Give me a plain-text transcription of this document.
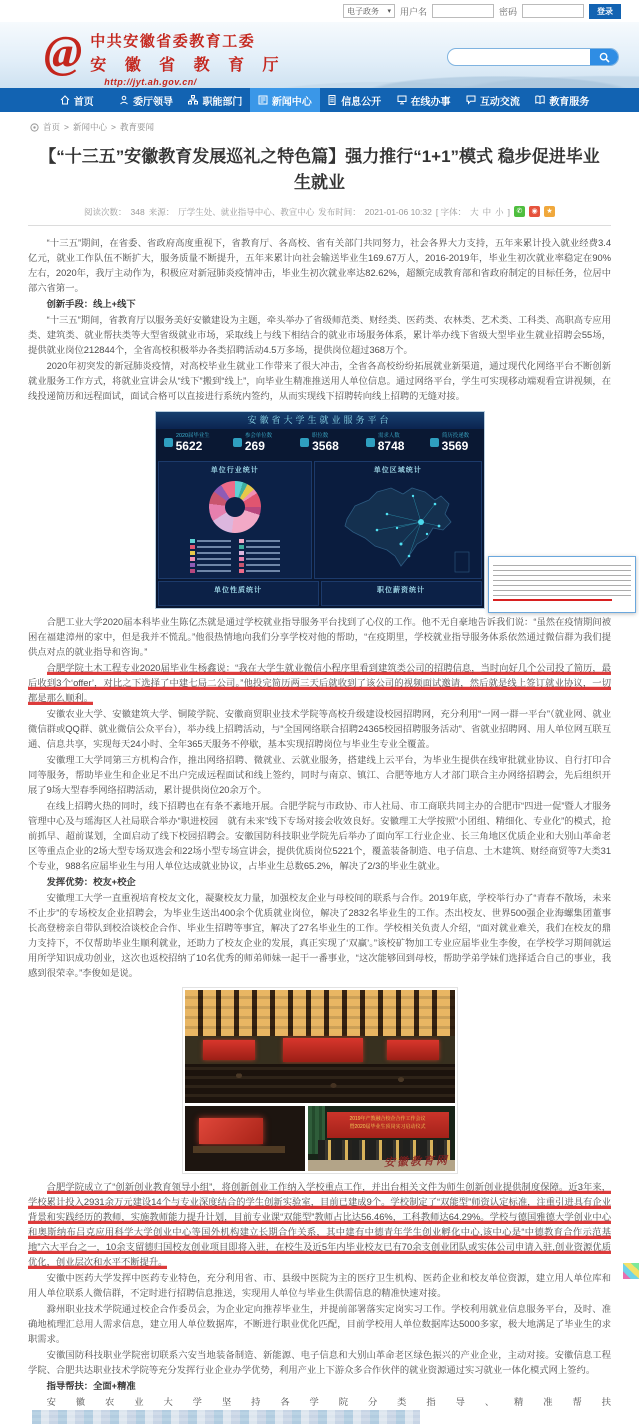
电子政务 ▾ 用户名	密码	登录
@ 中共安徽省委教育工委
安 徽 省 教 育 厅
http://jyt.ah.gov.cn/
首页	委厅领导	职能部门	新闻中心	信息公开	在线办事	互动交流	教育服务
首页 > 新闻中心 > 教育要闻
【“十三五”安徽教育发展巡礼之特色篇】强力推行“1+1”模式 稳步促进毕业生就业
阅读次数： 348 来源： 厅学生处、就业指导中心、教宣中心 发布时间： 2021-01-06 10:32 [ 字体： 大 中 小 ] ✆	◉	★

“十三五”期间，在省委、省政府高度重视下，省教育厅、各高校、省有关部门共同努力，社会各界大力支持，五年来累计投入就业经费3.4亿元，就业工作队伍不断扩大，服务质量不断提升，五年来累计向社会输送毕业生169.67万人，2016-2019年，毕业生初次就业率稳定在90%左右，2020年，我厅主动作为，积极应对新冠肺炎疫情冲击，毕业生初次就业率达82.62%，超额完成教育部和省政府制定的目标任务，位居中部六省第一。

创新手段：线上+线下

“十三五”期间，省教育厅以服务美好安徽建设为主题，牵头举办了省级师范类、财经类、医药类、农林类、艺术类、工科类、高职高专应用类、建筑类、就业帮扶类等大型省级就业市场，采取线上与线下相结合的就业市场服务体系，累计举办线下省级大型毕业生就业招聘会55场，提供就业岗位212844个，全省高校积极举办各类招聘活动4.5万多场，提供岗位超过368万个。

2020年初突发的新冠肺炎疫情，对高校毕业生就业工作带来了很大冲击，全省各高校纷纷拓展就业新渠道，通过现代化网络平台不断创新就业服务工作方式，将就业宣讲会从“线下”搬到“线上”，向毕业生精准推送用人单位信息。通过网络平台，学生可实现移动端观看宣讲视频，在线投递简历和远程面试，面试合格可以直接进行系统内签约，从而实现线下招聘转向线上招聘的无缝对接。

安徽省大学生就业服务平台
2020届毕业生
5622
参会单位数
269
职位数
3568
需求人数
8748
简历投递数
3569
单位行业统计	单位区域统计
单位性质统计	职位薪资统计

合肥工业大学2020届本科毕业生陈亿杰就是通过学校就业指导服务平台找到了心仪的工作。他不无自豪地告诉我们说：“虽然在疫情期间被困在福建漳州的家中，但是我并不慌乱。”他很热情地向我们分享学校对他的帮助，“在疫期里，学校就业指导服务体系依然通过微信群为我们提供点对点的就业指导和咨询。”

合肥学院土木工程专业2020届毕业生杨鑫说：“我在大学生就业微信小程序里看到建筑类公司的招聘信息，当时向好几个公司投了简历，最后收到3个‘offer’，对比之下选择了中建七局二公司。”他投完简历两三天后就收到了该公司的视频面试邀请，然后就是线上签订就业协议，一切都是那么顺利。

安徽农业大学、安徽建筑大学、铜陵学院、安徽商贸职业技术学院等高校升级建设校园招聘网，充分利用“一网一群一平台”（就业网、就业微信群或QQ群、就业微信公众平台），举办线上招聘活动，与“全国网络联合招聘24365校园招聘服务活动”、省就业招聘网、用人单位网互联互通、信息共享，实现每天24小时、全年365天服务不停歇，基本实现招聘岗位与毕业生专业全覆盖。

安徽理工大学同第三方机构合作，推出网络招聘、微就业、云就业服务，搭建线上云平台，为毕业生提供在线审批就业协议、自行打印合同等服务，帮助毕业生和企业足不出户完成远程面试和线上签约，同时与南京、镇江、合肥等地方人才部门联合主办网络招聘会，先后组织开展了9场大型春季网络招聘活动，累计提供岗位20余万个。

在线上招聘火热的同时，线下招聘也在有条不紊地开展。合肥学院与市政协、市人社局、市工商联共同主办的合肥市“四进一促”暨人才服务管理中心及与瑶海区人社局联合举办“职进校园　就有未来”线下专场对接会收效良好。安徽理工大学按照“小团组、精细化、专业化”的模式，抢前抓早、超前谋划，全面启动了线下校园招聘会。安徽国防科技职业学院先后举办了面向军工行业企业、长三角地区优质企业和大别山革命老区等重点企业的2场大型专场双选会和22场小型专场宣讲会，提供优质岗位5221个，覆盖装备制造、电子信息、土木建筑、财经商贸等7大类31个专业，988名应届毕业生与用人单位达成就业协议，占毕业生总数65.2%，解决了2/3的毕业生就业。

发挥优势：校友+校企

安徽理工大学一直重视培育校友文化，凝聚校友力量，加强校友企业与母校间的联系与合作。2019年底，学校举行办了“青春不散场，未来不止步”的专场校友企业招聘会，为毕业生送出400余个优质就业岗位，解决了2832名毕业生的工作。杰出校友、世界500强企业海螺集团董事长高登榜亲自带队到校洽谈校企合作、毕业生招聘等事宜，解决了27名毕业生的工作。学校相关负责人介绍，“面对就业难关，我们在校友的鼎力支持下，不仅帮助毕业生顺利就业，还助力了校友企业的发展，真正实现了‘双赢’。”该校矿物加工专业应届毕业生李俊，在学校学习期间就运用所学知识成功创业，这次也返校招纳了10名优秀的师弟师妹一起干一番事业，“这次能够回到母校，帮助学弟学妹们选择适合自己的事业，我感到很荣幸。”李俊如是说。

2019年产教融合校企合作工作会议
暨2020届毕业生顶岗实习启动仪式
安徽教育网

合肥学院成立了“创新创业教育领导小组”，将创新创业工作纳入学校重点工作，并出台相关文件为师生创新创业提供制度保障。近3年来，学校累计投入2931余万元建设14个与专业深度结合的学生创新实验室，目前已建成9个。学校制定了“双能型”师资认定标准，注重引进具有企业背景和实践经历的教师，实施教师能力提升计划，目前专业课“双能型”教师占比达56.46%，工科教师达64.29%。学校与德国雅德大学创业中心和奥斯纳布吕克应用科学大学创业中心等国外机构建立长期合作关系，其中建有中德青年学生创业孵化中心,该中心是“中德教育合作示范基地”六大平台之一，10余支留德归国校友创业项目即将入驻，在校生及近5年内毕业校友已有70余支创业团队或实体公司申请入驻,创业资源优质优化，创业层次和水平不断提升。

安徽中医药大学发挥中医药专业特色，充分利用省、市、县级中医院为主的医疗卫生机构、医药企业和校友单位资源，建立用人单位库和用人单位联系人微信群，不定时进行招聘信息推送，实现用人单位与毕业生供需信息的精准快速对接。

滁州职业技术学院通过校企合作委员会，为企业定向推荐毕业生，并提前部署落实定岗实习工作。学校利用就业信息服务平台，及时、准确地梳理汇总用人需求信息，建立用人单位数据库，不断进行职业优化匹配，目前学校用人单位数据库达5000多家，极大地满足了毕业生的求职需求。

安徽国防科技职业学院密切联系六安当地装备制造、新能源、电子信息和大别山革命老区绿色振兴的产业企业，主动对接。安徽信息工程学院、合肥共达职业技术学院等充分发挥行业企业办学优势，利用产业上下游众多合作伙伴的就业资源通过实习就业一体化模式网上签约。

指导帮扶：全面+精准

安徽农业大学坚持各学院分类指导、精准帮扶
